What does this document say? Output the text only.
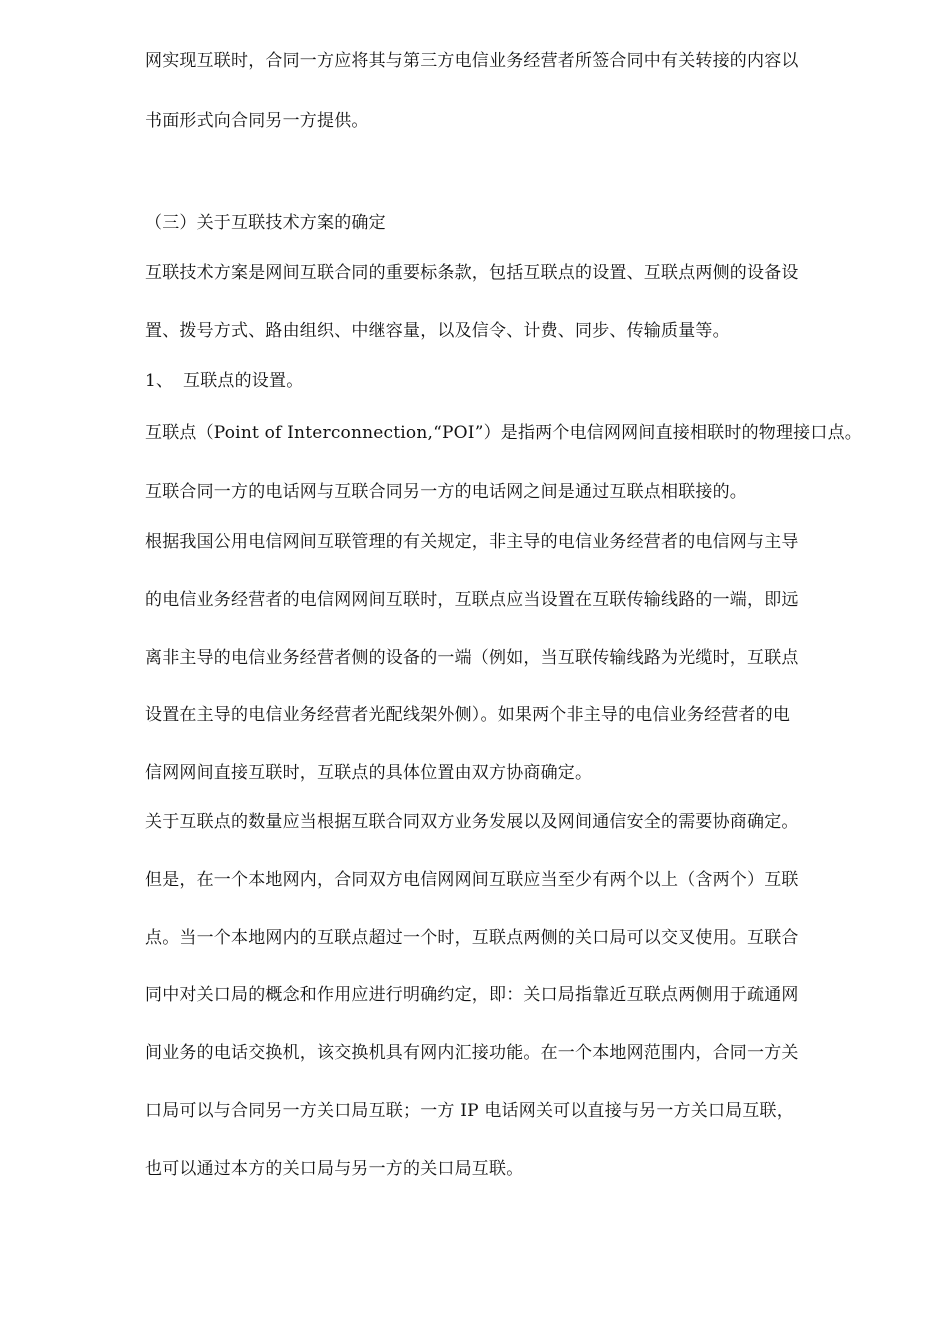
网实现互联时，合同一方应将其与第三方电信业务经营者所签合同中有关转接的内容以
书面形式向合同另一方提供。
（三）关于互联技术方案的确定
互联技术方案是网间互联合同的重要标条款，包括互联点的设置、互联点两侧的设备设
置、拨号方式、路由组织、中继容量，以及信令、计费、同步、传输质量等。
1、 互联点的设置。
互联点（Point of Interconnection,“POI”）是指两个电信网网间直接相联时的物理接口点。
互联合同一方的电话网与互联合同另一方的电话网之间是通过互联点相联接的。
根据我国公用电信网间互联管理的有关规定，非主导的电信业务经营者的电信网与主导
的电信业务经营者的电信网网间互联时，互联点应当设置在互联传输线路的一端，即远
离非主导的电信业务经营者侧的设备的一端（例如，当互联传输线路为光缆时，互联点
设置在主导的电信业务经营者光配线架外侧）。如果两个非主导的电信业务经营者的电
信网网间直接互联时，互联点的具体位置由双方协商确定。
关于互联点的数量应当根据互联合同双方业务发展以及网间通信安全的需要协商确定。
但是，在一个本地网内，合同双方电信网网间互联应当至少有两个以上（含两个）互联
点。当一个本地网内的互联点超过一个时，互联点两侧的关口局可以交叉使用。互联合
同中对关口局的概念和作用应进行明确约定，即：关口局指靠近互联点两侧用于疏通网
间业务的电话交换机，该交换机具有网内汇接功能。在一个本地网范围内，合同一方关
口局可以与合同另一方关口局互联；一方 IP 电话网关可以直接与另一方关口局互联，
也可以通过本方的关口局与另一方的关口局互联。
